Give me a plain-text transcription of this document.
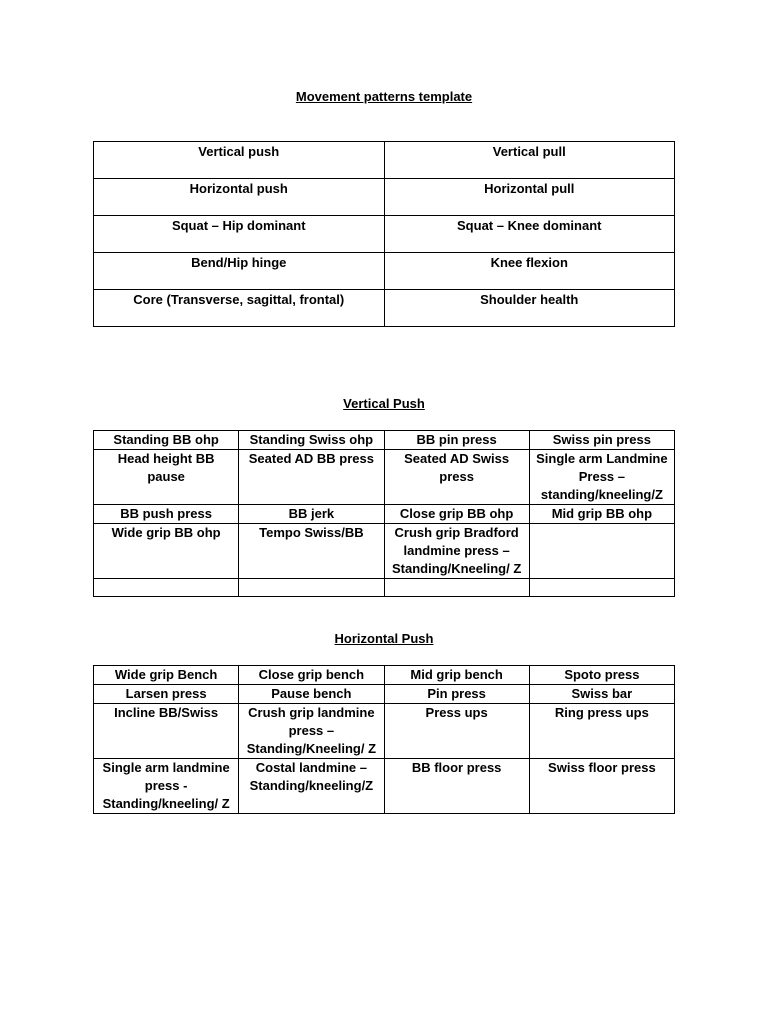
Movement patterns template
Vertical push	Vertical pull
Horizontal push	Horizontal pull
Squat – Hip dominant	Squat – Knee dominant
Bend/Hip hinge	Knee flexion
Core (Transverse, sagittal, frontal)	Shoulder health
Vertical Push
Standing BB ohp	Standing Swiss ohp	BB pin press	Swiss pin press
Head height BB pause	Seated AD BB press	Seated AD Swiss press	Single arm Landmine Press – standing/kneeling/Z
BB push press	BB jerk	Close grip BB ohp	Mid grip BB ohp
Wide grip BB ohp	Tempo Swiss/BB	Crush grip Bradford landmine press – Standing/Kneeling/ Z	

Horizontal Push
Wide grip Bench	Close grip bench	Mid grip bench	Spoto press
Larsen press	Pause bench	Pin press	Swiss bar
Incline BB/Swiss	Crush grip landmine press – Standing/Kneeling/ Z	Press ups	Ring press ups
Single arm landmine press - Standing/kneeling/ Z	Costal landmine – Standing/kneeling/Z	BB floor press	Swiss floor press
